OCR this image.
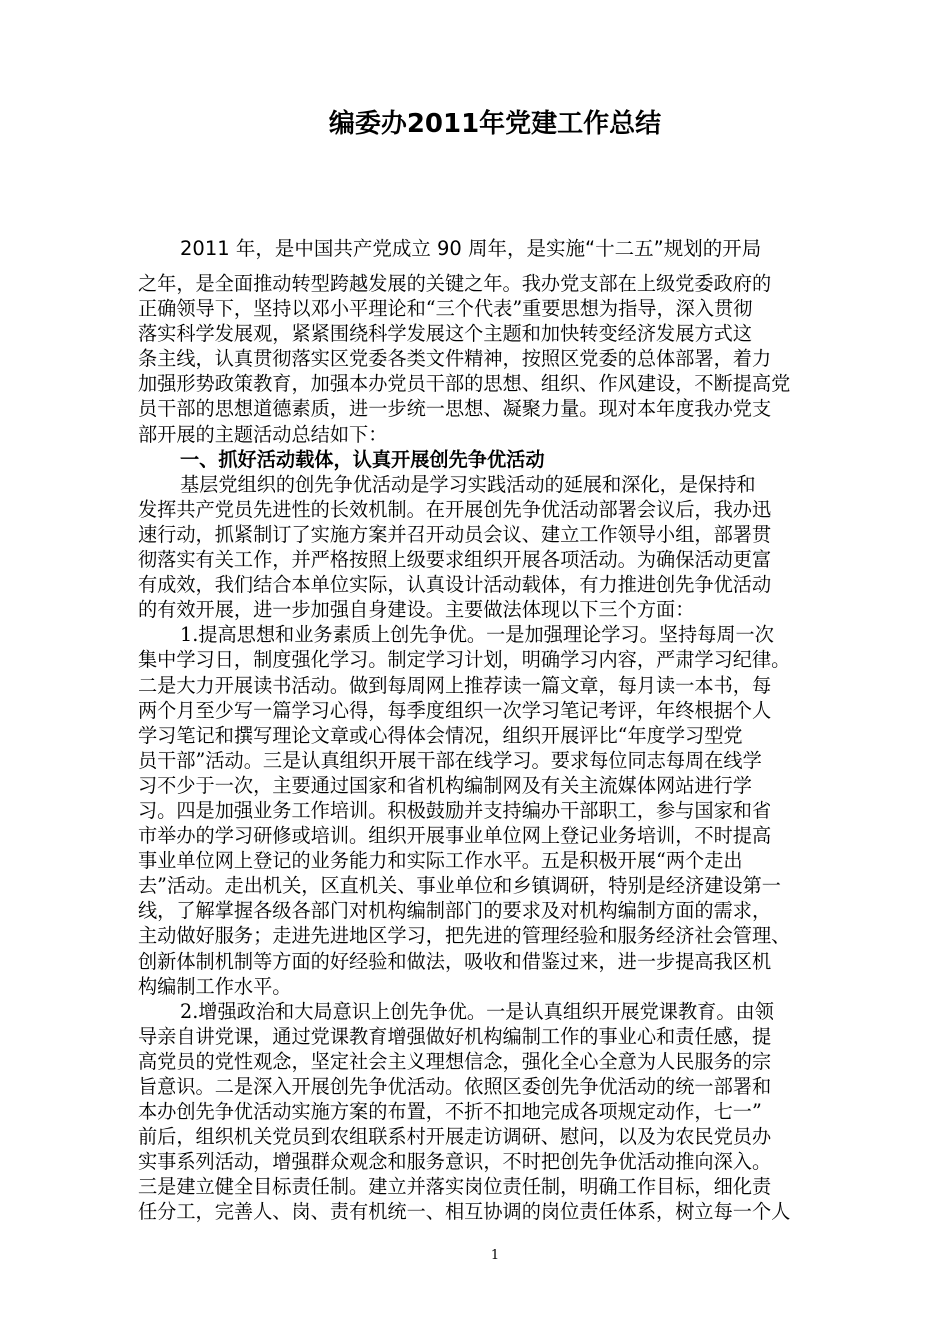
编委办2011年党建工作总结
2011 年，是中国共产党成立 90 周年，是实施“十二五”规划的开局
之年，是全面推动转型跨越发展的关键之年。我办党支部在上级党委政府的
正确领导下，坚持以邓小平理论和“三个代表”重要思想为指导，深入贯彻
落实科学发展观，紧紧围绕科学发展这个主题和加快转变经济发展方式这
条主线，认真贯彻落实区党委各类文件精神，按照区党委的总体部署，着力
加强形势政策教育，加强本办党员干部的思想、组织、作风建设，不断提高党
员干部的思想道德素质，进一步统一思想、凝聚力量。现对本年度我办党支
部开展的主题活动总结如下：
一、抓好活动载体，认真开展创先争优活动
基层党组织的创先争优活动是学习实践活动的延展和深化，是保持和
发挥共产党员先进性的长效机制。在开展创先争优活动部署会议后，我办迅
速行动，抓紧制订了实施方案并召开动员会议、建立工作领导小组，部署贯
彻落实有关工作，并严格按照上级要求组织开展各项活动。为确保活动更富
有成效，我们结合本单位实际，认真设计活动载体，有力推进创先争优活动
的有效开展，进一步加强自身建设。主要做法体现以下三个方面：
1.提高思想和业务素质上创先争优。一是加强理论学习。坚持每周一次
集中学习日，制度强化学习。制定学习计划，明确学习内容，严肃学习纪律。
二是大力开展读书活动。做到每周网上推荐读一篇文章，每月读一本书，每
两个月至少写一篇学习心得，每季度组织一次学习笔记考评，年终根据个人
学习笔记和撰写理论文章或心得体会情况，组织开展评比“年度学习型党
员干部”活动。三是认真组织开展干部在线学习。要求每位同志每周在线学
习不少于一次，主要通过国家和省机构编制网及有关主流媒体网站进行学
习。四是加强业务工作培训。积极鼓励并支持编办干部职工，参与国家和省
市举办的学习研修或培训。组织开展事业单位网上登记业务培训，不时提高
事业单位网上登记的业务能力和实际工作水平。五是积极开展“两个走出
去”活动。走出机关，区直机关、事业单位和乡镇调研，特别是经济建设第一
线，了解掌握各级各部门对机构编制部门的要求及对机构编制方面的需求，
主动做好服务；走进先进地区学习，把先进的管理经验和服务经济社会管理、
创新体制机制等方面的好经验和做法，吸收和借鉴过来，进一步提高我区机
构编制工作水平。
2.增强政治和大局意识上创先争优。一是认真组织开展党课教育。由领
导亲自讲党课，通过党课教育增强做好机构编制工作的事业心和责任感，提
高党员的党性观念，坚定社会主义理想信念，强化全心全意为人民服务的宗
旨意识。二是深入开展创先争优活动。依照区委创先争优活动的统一部署和
本办创先争优活动实施方案的布置，不折不扣地完成各项规定动作，七一”
前后，组织机关党员到农组联系村开展走访调研、慰问，以及为农民党员办
实事系列活动，增强群众观念和服务意识，不时把创先争优活动推向深入。
三是建立健全目标责任制。建立并落实岗位责任制，明确工作目标，细化责
任分工，完善人、岗、责有机统一、相互协调的岗位责任体系，树立每一个人
1
